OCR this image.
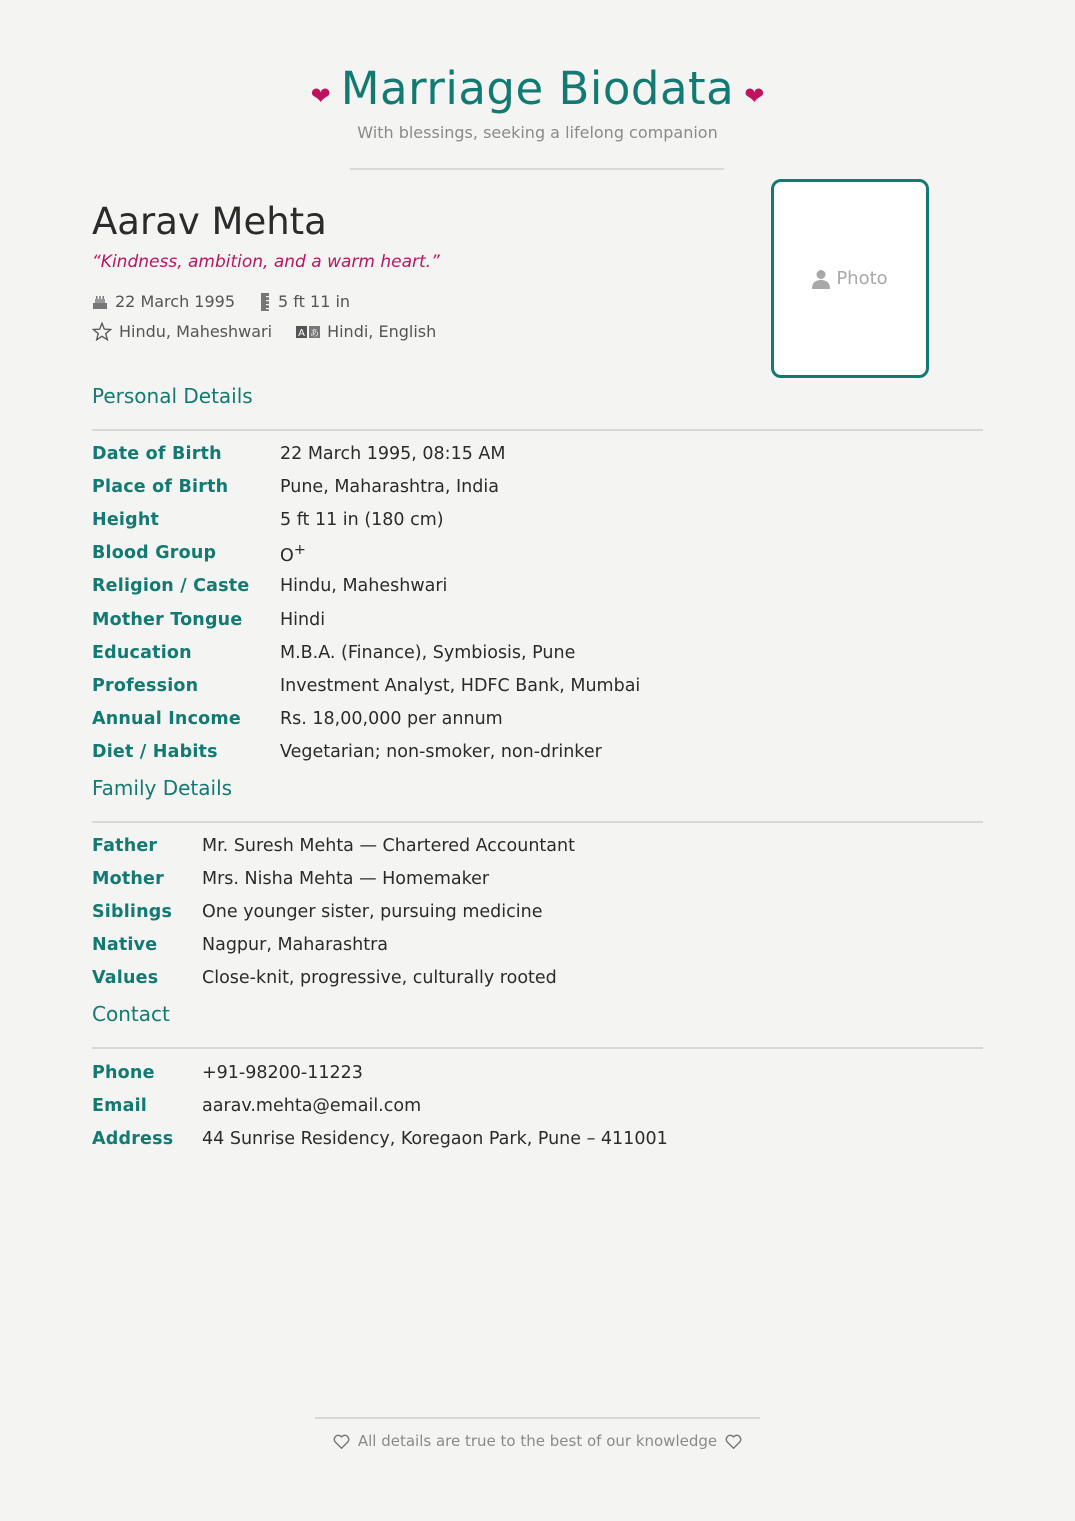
❤ Marriage Biodata ❤
With blessings, seeking a lifelong companion
Aarav Mehta
“Kindness, ambition, and a warm heart.”
22 March 1995	5 ft 11 in
Hindu, Maheshwari	A あ Hindi, English
Photo
Personal Details
Date of Birth	22 March 1995, 08:15 AM
Place of Birth	Pune, Maharashtra, India
Height	5 ft 11 in (180 cm)
Blood Group	O+
Religion / Caste	Hindu, Maheshwari
Mother Tongue	Hindi
Education	M.B.A. (Finance), Symbiosis, Pune
Profession	Investment Analyst, HDFC Bank, Mumbai
Annual Income	Rs. 18,00,000 per annum
Diet / Habits	Vegetarian; non-smoker, non-drinker
Family Details
Father	Mr. Suresh Mehta — Chartered Accountant
Mother	Mrs. Nisha Mehta — Homemaker
Siblings	One younger sister, pursuing medicine
Native	Nagpur, Maharashtra
Values	Close-knit, progressive, culturally rooted
Contact
Phone	+91-98200-11223
Email	aarav.mehta@email.com
Address	44 Sunrise Residency, Koregaon Park, Pune – 411001
All details are true to the best of our knowledge
